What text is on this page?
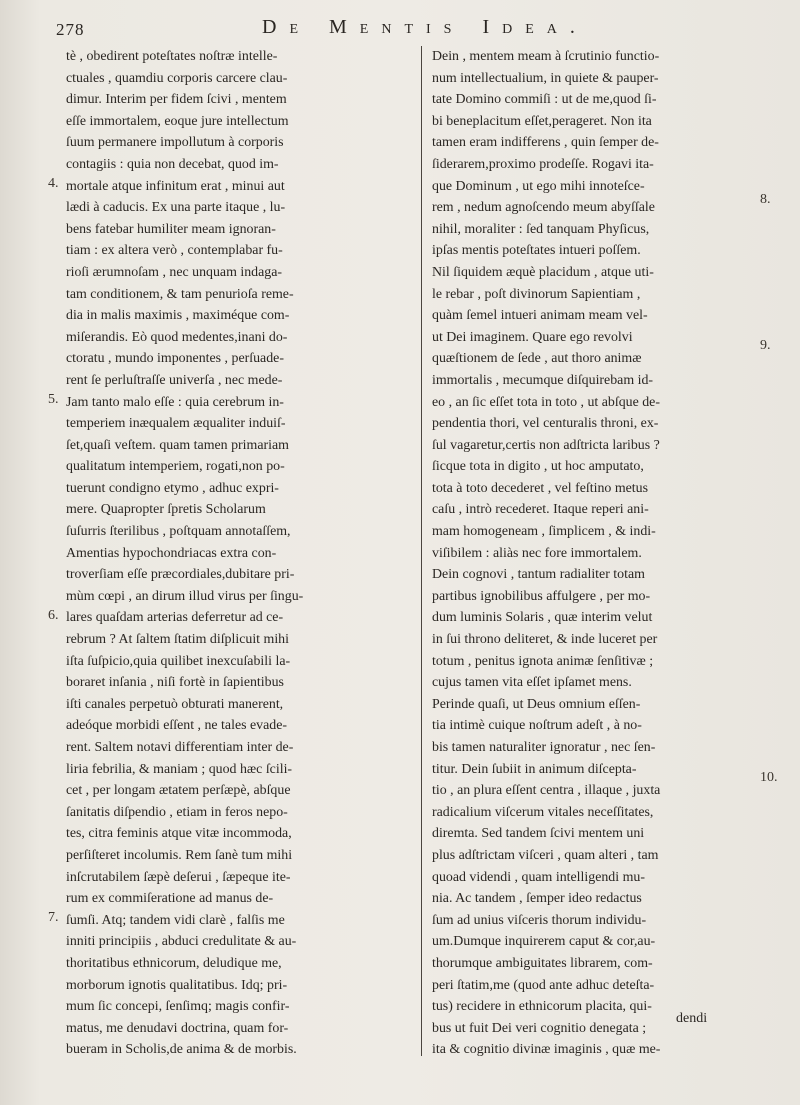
278	De Menтis Idea.
tè , obedirent poteſtates noſtræ intelle-
ctuales , quamdiu corporis carcere clau-
dimur. Interim per fidem ſcivi , mentem
eſſe immortalem, eoque jure intellectum
ſuum permanere impollutum à corporis
contagiis : quia non decebat, quod im-
mortale atque infinitum erat , minui aut
lædi à caducis. Ex una parte itaque , lu-
bens fatebar humiliter meam ignoran-
tiam : ex altera verò , contemplabar fu-
rioſi ærumnoſam , nec unquam indaga-
tam conditionem, & tam penurioſa reme-
dia in malis maximis , maximéque com-
miſerandis. Eò quod medentes,inani do-
ctoratu , mundo imponentes , perſuade-
rent ſe perluſtraſſe univerſa , nec mede-
Jam tanto malo eſſe : quia cerebrum in-
temperiem inæqualem æqualiter induiſ-
ſet,quaſi veſtem. quam tamen primariam
qualitatum intemperiem, rogati,non po-
tuerunt condigno etymo , adhuc expri-
mere. Quapropter ſpretis Scholarum
ſuſurris ſterilibus , poſtquam annotaſſem,
Amentias hypochondriacas extra con-
troverſiam eſſe præcordiales,dubitare pri-
mùm cœpi , an dirum illud virus per ſingu-
lares quaſdam arterias deferretur ad ce-
rebrum ? At ſaltem ſtatim diſplicuit mihi
iſta ſuſpicio,quia quilibet inexcuſabili la-
boraret inſania , niſi fortè in ſapientibus
iſti canales perpetuò obturati manerent,
adeóque morbidi eſſent , ne tales evade-
rent. Saltem notavi differentiam inter de-
liria febrilia, & maniam ; quod hæc ſcili-
cet , per longam ætatem perſæpè, abſque
ſanitatis diſpendio , etiam in feros nepo-
tes, citra feminis atque vitæ incommoda,
perſiſteret incolumis. Rem ſanè tum mihi
inſcrutabilem ſæpè deſerui , ſæpeque ite-
rum ex commiſeratione ad manus de-
ſumſi. Atq; tandem vidi clarè , falſis me
inniti principiis , abduci credulitate & au-
thoritatibus ethnicorum, deludique me,
morborum ignotis qualitatibus. Idq; pri-
mum ſic concepi, ſenſimq; magis confir-
matus, me denudavi doctrina, quam for-
bueram in Scholis,de anima & de morbis.
Dein , mentem meam à ſcrutinio functio-
num intellectualium, in quiete & pauper-
tate Domino commiſi : ut de me,quod ſi-
bi beneplacitum eſſet,perageret. Non ita
tamen eram indifferens , quin ſemper de-
ſiderarem,proximo prodeſſe. Rogavi ita-
que Dominum , ut ego mihi innoteſce-
rem , nedum agnoſcendo meum abyſſale
nihil, moraliter : ſed tanquam Phyſicus,
ipſas mentis poteſtates intueri poſſem.
Nil ſiquidem æquè placidum , atque uti-
le rebar , poſt divinorum Sapientiam ,
quàm ſemel intueri animam meam vel-
ut Dei imaginem. Quare ego revolvi
quæſtionem de ſede , aut thoro animæ
immortalis , mecumque diſquirebam id-
eo , an ſic eſſet tota in toto , ut abſque de-
pendentia thori, vel centuralis throni, ex-
ſul vagaretur,certis non adſtricta laribus ?
ſicque tota in digito , ut hoc amputato,
tota à toto decederet , vel feſtino metus
caſu , intrò recederet. Itaque reperi ani-
mam homogeneam , ſimplicem , & indi-
viſibilem : aliàs nec fore immortalem.
Dein cognovi , tantum radialiter totam
partibus ignobilibus affulgere , per mo-
dum luminis Solaris , quæ interim velut
in ſui throno deliteret, & inde luceret per
totum , penitus ignota animæ ſenſitivæ ;
cujus tamen vita eſſet ipſamet mens.
Perinde quaſi, ut Deus omnium eſſen-
tia intimè cuique noſtrum adeſt , à no-
bis tamen naturaliter ignoratur , nec ſen-
titur. Dein ſubiit in animum diſcepta-
tio , an plura eſſent centra , illaque , juxta
radicalium viſcerum vitales neceſſitates,
diremta. Sed tandem ſcivi mentem uni
plus adſtrictam viſceri , quam alteri , tam
quoad videndi , quam intelligendi mu-
nia. Ac tandem , ſemper ideo redactus
ſum ad unius viſceris thorum individu-
um.Dumque inquirerem caput & cor,au-
thorumque ambiguitates librarem, com-
peri ſtatim,me (quod ante adhuc deteſta-
tus) recidere in ethnicorum placita, qui-
bus ut fuit Dei veri cognitio denegata ;
ita & cognitio divinæ imaginis , quæ me-
4.
5.
6.
7.
8.
9.
10.
dendi
